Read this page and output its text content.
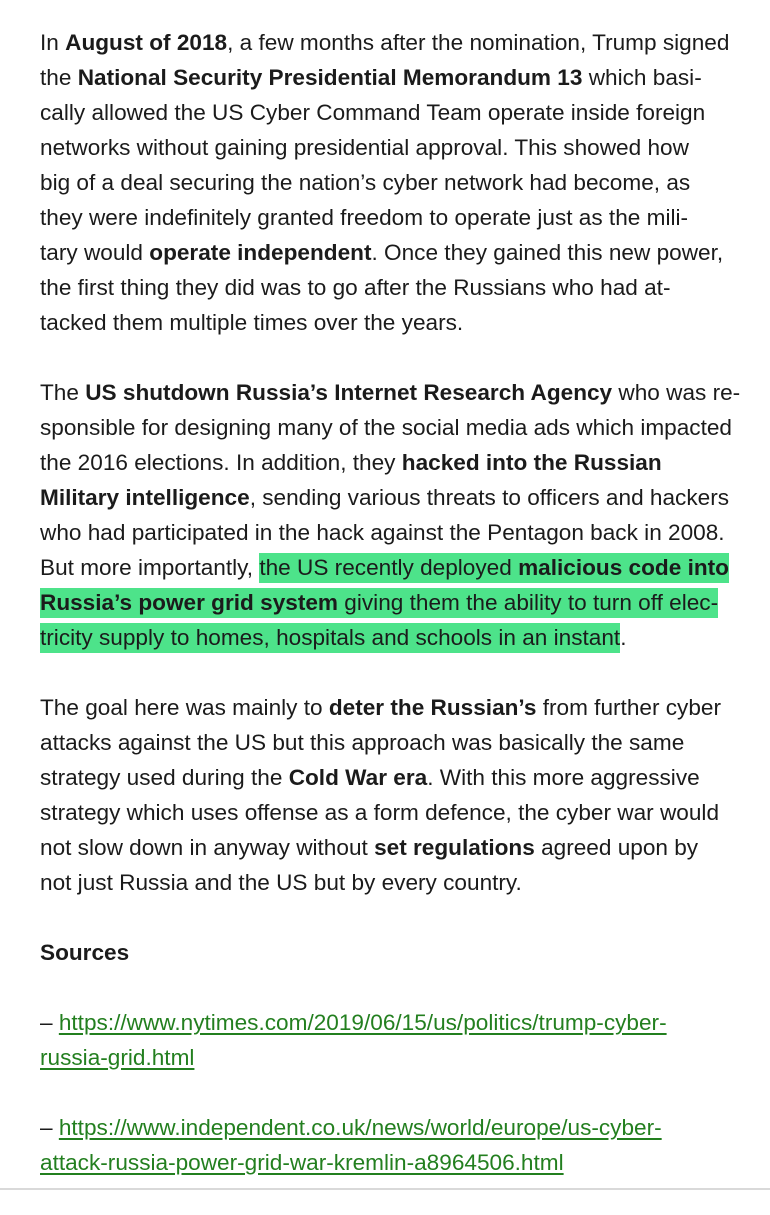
In August of 2018, a few months after the nomination, Trump signed
the National Security Presidential Memorandum 13 which basi-
cally allowed the US Cyber Command Team operate inside foreign
networks without gaining presidential approval. This showed how
big of a deal securing the nation’s cyber network had become, as
they were indefinitely granted freedom to operate just as the mili-
tary would operate independent. Once they gained this new power,
the first thing they did was to go after the Russians who had at-
tacked them multiple times over the years.
The US shutdown Russia’s Internet Research Agency who was re-
sponsible for designing many of the social media ads which impacted
the 2016 elections. In addition, they hacked into the Russian
Military intelligence, sending various threats to officers and hackers
who had participated in the hack against the Pentagon back in 2008.
But more importantly, the US recently deployed malicious code into
Russia’s power grid system giving them the ability to turn off elec-
tricity supply to homes, hospitals and schools in an instant.
The goal here was mainly to deter the Russian’s from further cyber
attacks against the US but this approach was basically the same
strategy used during the Cold War era. With this more aggressive
strategy which uses offense as a form defence, the cyber war would
not slow down in anyway without set regulations agreed upon by
not just Russia and the US but by every country.
Sources
– https://www.nytimes.com/2019/06/15/us/politics/trump-cyber-
russia-grid.html
– https://www.independent.co.uk/news/world/europe/us-cyber-
attack-russia-power-grid-war-kremlin-a8964506.html
